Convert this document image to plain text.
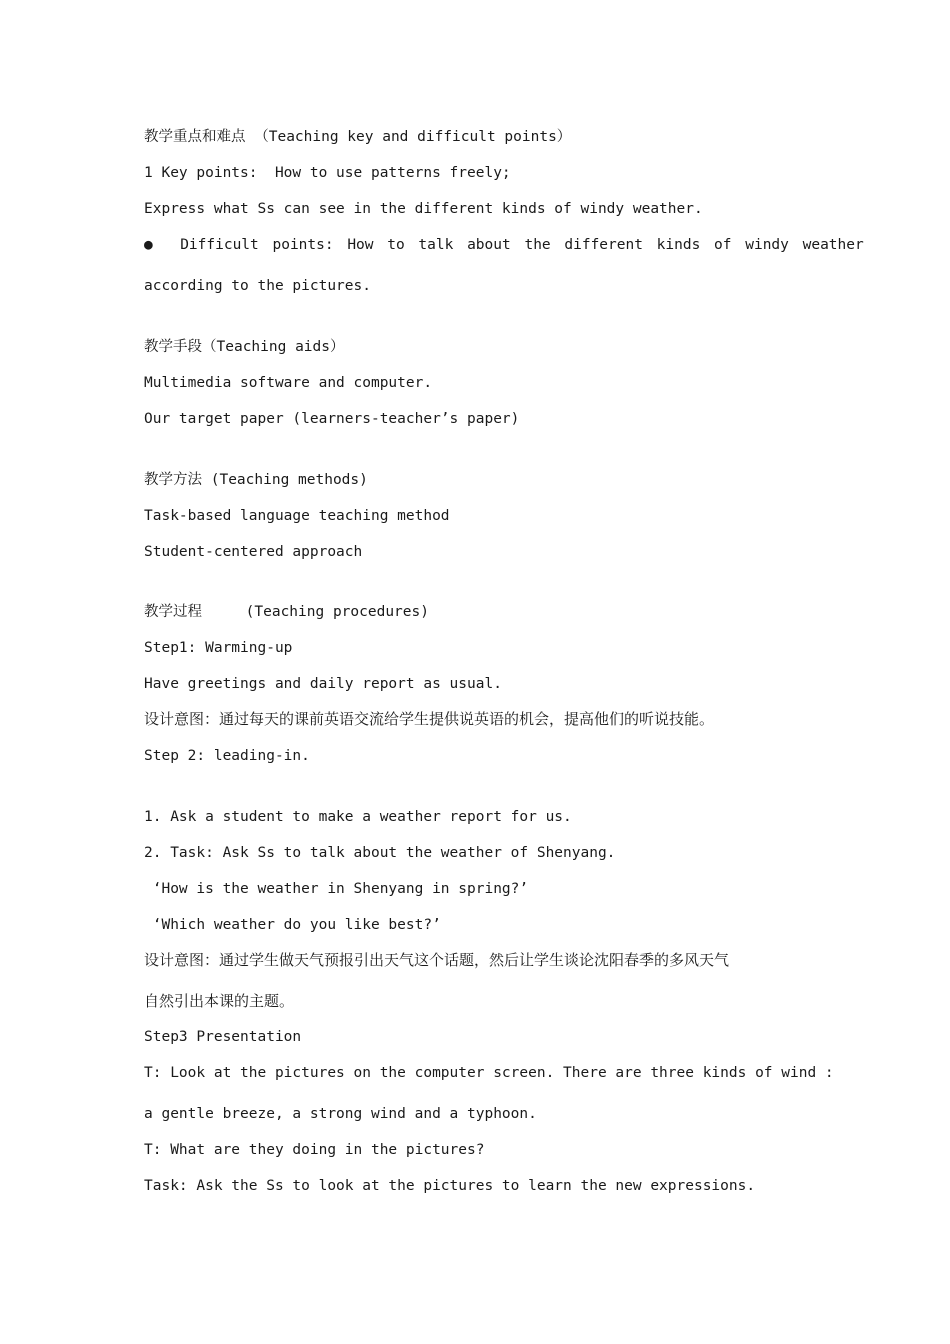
教学重点和难点 （Teaching key and difficult points）
1 Key points:  How to use patterns freely;
Express what Ss can see in the different kinds of windy weather.
●  Difficult points: How to talk about the different kinds of windy weather
according to the pictures.
教学手段（Teaching aids）
Multimedia software and computer.
Our target paper (learners-teacher’s paper)
教学方法 (Teaching methods)
Task-based language teaching method
Student-centered approach
教学过程     (Teaching procedures)
Step1: Warming-up
Have greetings and daily report as usual.
设计意图：通过每天的课前英语交流给学生提供说英语的机会，提高他们的听说技能。
Step 2: leading-in.
1. Ask a student to make a weather report for us.
2. Task: Ask Ss to talk about the weather of Shenyang.
‘How is the weather in Shenyang in spring?’
‘Which weather do you like best?’
设计意图：通过学生做天气预报引出天气这个话题，然后让学生谈论沈阳春季的多风天气
自然引出本课的主题。
Step3 Presentation
T: Look at the pictures on the computer screen. There are three kinds of wind :
a gentle breeze, a strong wind and a typhoon.
T: What are they doing in the pictures?
Task: Ask the Ss to look at the pictures to learn the new expressions.
